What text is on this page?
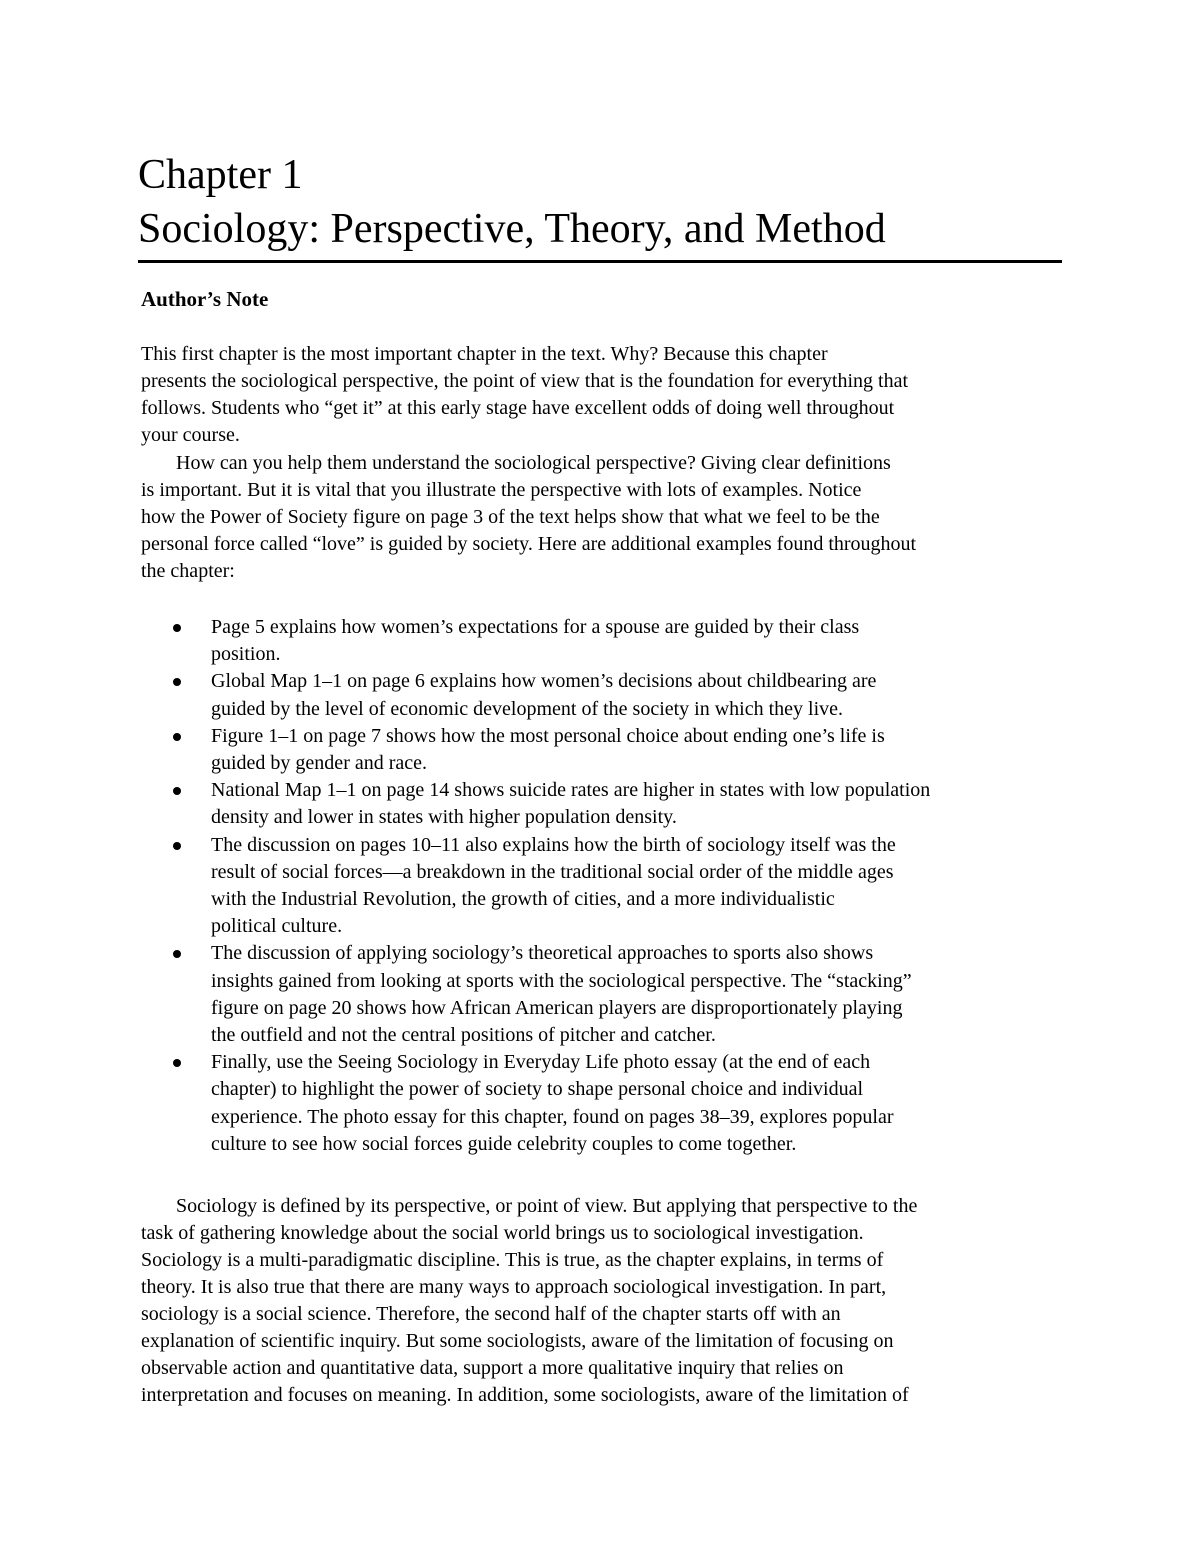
Chapter 1
Sociology: Perspective, Theory, and Method
Author’s Note

This first chapter is the most important chapter in the text. Why? Because this chapter
presents the sociological perspective, the point of view that is the foundation for everything that
follows. Students who “get it” at this early stage have excellent odds of doing well throughout
your course.

How can you help them understand the sociological perspective? Giving clear definitions
is important. But it is vital that you illustrate the perspective with lots of examples. Notice
how the Power of Society figure on page 3 of the text helps show that what we feel to be the
personal force called “love” is guided by society. Here are additional examples found throughout
the chapter:

Page 5 explains how women’s expectations for a spouse are guided by their class
position.
Global Map 1–1 on page 6 explains how women’s decisions about childbearing are
guided by the level of economic development of the society in which they live.
Figure 1–1 on page 7 shows how the most personal choice about ending one’s life is
guided by gender and race.
National Map 1–1 on page 14 shows suicide rates are higher in states with low population
density and lower in states with higher population density.
The discussion on pages 10–11 also explains how the birth of sociology itself was the
result of social forces—a breakdown in the traditional social order of the middle ages
with the Industrial Revolution, the growth of cities, and a more individualistic
political culture.
The discussion of applying sociology’s theoretical approaches to sports also shows
insights gained from looking at sports with the sociological perspective. The “stacking”
figure on page 20 shows how African American players are disproportionately playing
the outfield and not the central positions of pitcher and catcher.
Finally, use the Seeing Sociology in Everyday Life photo essay (at the end of each
chapter) to highlight the power of society to shape personal choice and individual
experience. The photo essay for this chapter, found on pages 38–39, explores popular
culture to see how social forces guide celebrity couples to come together.

Sociology is defined by its perspective, or point of view. But applying that perspective to the
task of gathering knowledge about the social world brings us to sociological investigation.
Sociology is a multi-paradigmatic discipline. This is true, as the chapter explains, in terms of
theory. It is also true that there are many ways to approach sociological investigation. In part,
sociology is a social science. Therefore, the second half of the chapter starts off with an
explanation of scientific inquiry. But some sociologists, aware of the limitation of focusing on
observable action and quantitative data, support a more qualitative inquiry that relies on
interpretation and focuses on meaning. In addition, some sociologists, aware of the limitation of
